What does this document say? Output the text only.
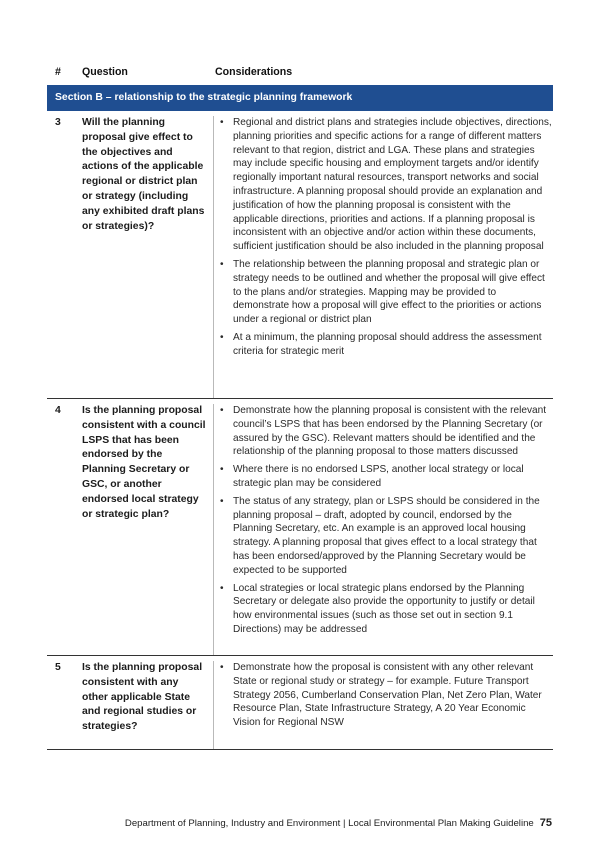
#	Question	Considerations
Section B – relationship to the strategic planning framework
3	Will the planning proposal give effect to the objectives and actions of the applicable regional or district plan or strategy (including any exhibited draft plans or strategies)?
• Regional and district plans and strategies include objectives, directions, planning priorities and specific actions for a range of different matters relevant to that region, district and LGA. These plans and strategies may include specific housing and employment targets and/or identify regionally important natural resources, transport networks and social infrastructure. A planning proposal should provide an explanation and justification of how the planning proposal is consistent with the applicable directions, priorities and actions. If a planning proposal is inconsistent with an objective and/or action within these documents, sufficient justification should be also included in the planning proposal
• The relationship between the planning proposal and strategic plan or strategy needs to be outlined and whether the proposal will give effect to the plans and/or strategies. Mapping may be provided to demonstrate how a proposal will give effect to the priorities or actions under a regional or district plan
• At a minimum, the planning proposal should address the assessment criteria for strategic merit
4	Is the planning proposal consistent with a council LSPS that has been endorsed by the Planning Secretary or GSC, or another endorsed local strategy or strategic plan?
• Demonstrate how the planning proposal is consistent with the relevant council’s LSPS that has been endorsed by the Planning Secretary (or assured by the GSC). Relevant matters should be identified and the relationship of the planning proposal to those matters discussed
• Where there is no endorsed LSPS, another local strategy or local strategic plan may be considered
• The status of any strategy, plan or LSPS should be considered in the planning proposal – draft, adopted by council, endorsed by the Planning Secretary, etc. An example is an approved local housing strategy. A planning proposal that gives effect to a local strategy that has been endorsed/approved by the Planning Secretary would be expected to be supported
• Local strategies or local strategic plans endorsed by the Planning Secretary or delegate also provide the opportunity to justify or detail how environmental issues (such as those set out in section 9.1 Directions) may be addressed
5	Is the planning proposal consistent with any other applicable State and regional studies or strategies?
• Demonstrate how the proposal is consistent with any other relevant State or regional study or strategy – for example. Future Transport Strategy 2056, Cumberland Conservation Plan, Net Zero Plan, Water Resource Plan, State Infrastructure Strategy, A 20 Year Economic Vision for Regional NSW
Department of Planning, Industry and Environment | Local Environmental Plan Making Guideline 75
